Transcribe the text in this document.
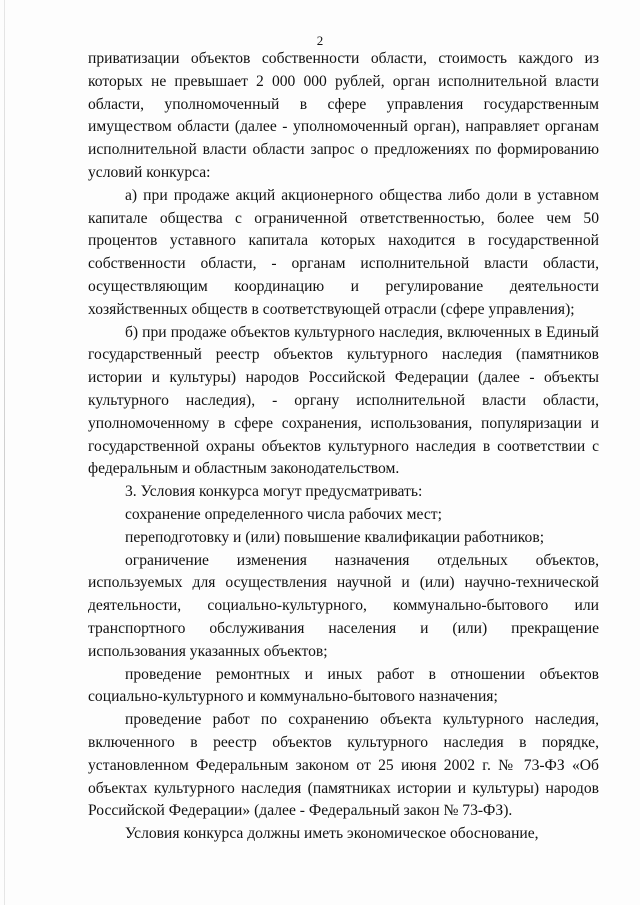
2

приватизации объектов собственности области, стоимость каждого из которых не превышает 2 000 000 рублей, орган исполнительной власти области, уполномоченный в сфере управления государственным имуществом области (далее - уполномоченный орган), направляет органам исполнительной власти области запрос о предложениях по формированию условий конкурса:

а) при продаже акций акционерного общества либо доли в уставном капитале общества с ограниченной ответственностью, более чем 50 процентов уставного капитала которых находится в государственной собственности области, - органам исполнительной власти области, осуществляющим координацию и регулирование деятельности хозяйственных обществ в соответствующей отрасли (сфере управления);

б) при продаже объектов культурного наследия, включенных в Единый государственный реестр объектов культурного наследия (памятников истории и культуры) народов Российской Федерации (далее - объекты культурного наследия), - органу исполнительной власти области, уполномоченному в сфере сохранения, использования, популяризации и государственной охраны объектов культурного наследия в соответствии с федеральным и областным законодательством.

3. Условия конкурса могут предусматривать:

сохранение определенного числа рабочих мест;

переподготовку и (или) повышение квалификации работников;

ограничение изменения назначения отдельных объектов, используемых для осуществления научной и (или) научно-технической деятельности, социально-культурного, коммунально-бытового или транспортного обслуживания населения и (или) прекращение использования указанных объектов;

проведение ремонтных и иных работ в отношении объектов социально-культурного и коммунально-бытового назначения;

проведение работ по сохранению объекта культурного наследия, включенного в реестр объектов культурного наследия в порядке, установленном Федеральным законом от 25 июня 2002 г. № 73-ФЗ «Об объектах культурного наследия (памятниках истории и культуры) народов Российской Федерации» (далее - Федеральный закон № 73-ФЗ).

Условия конкурса должны иметь экономическое обоснование,
